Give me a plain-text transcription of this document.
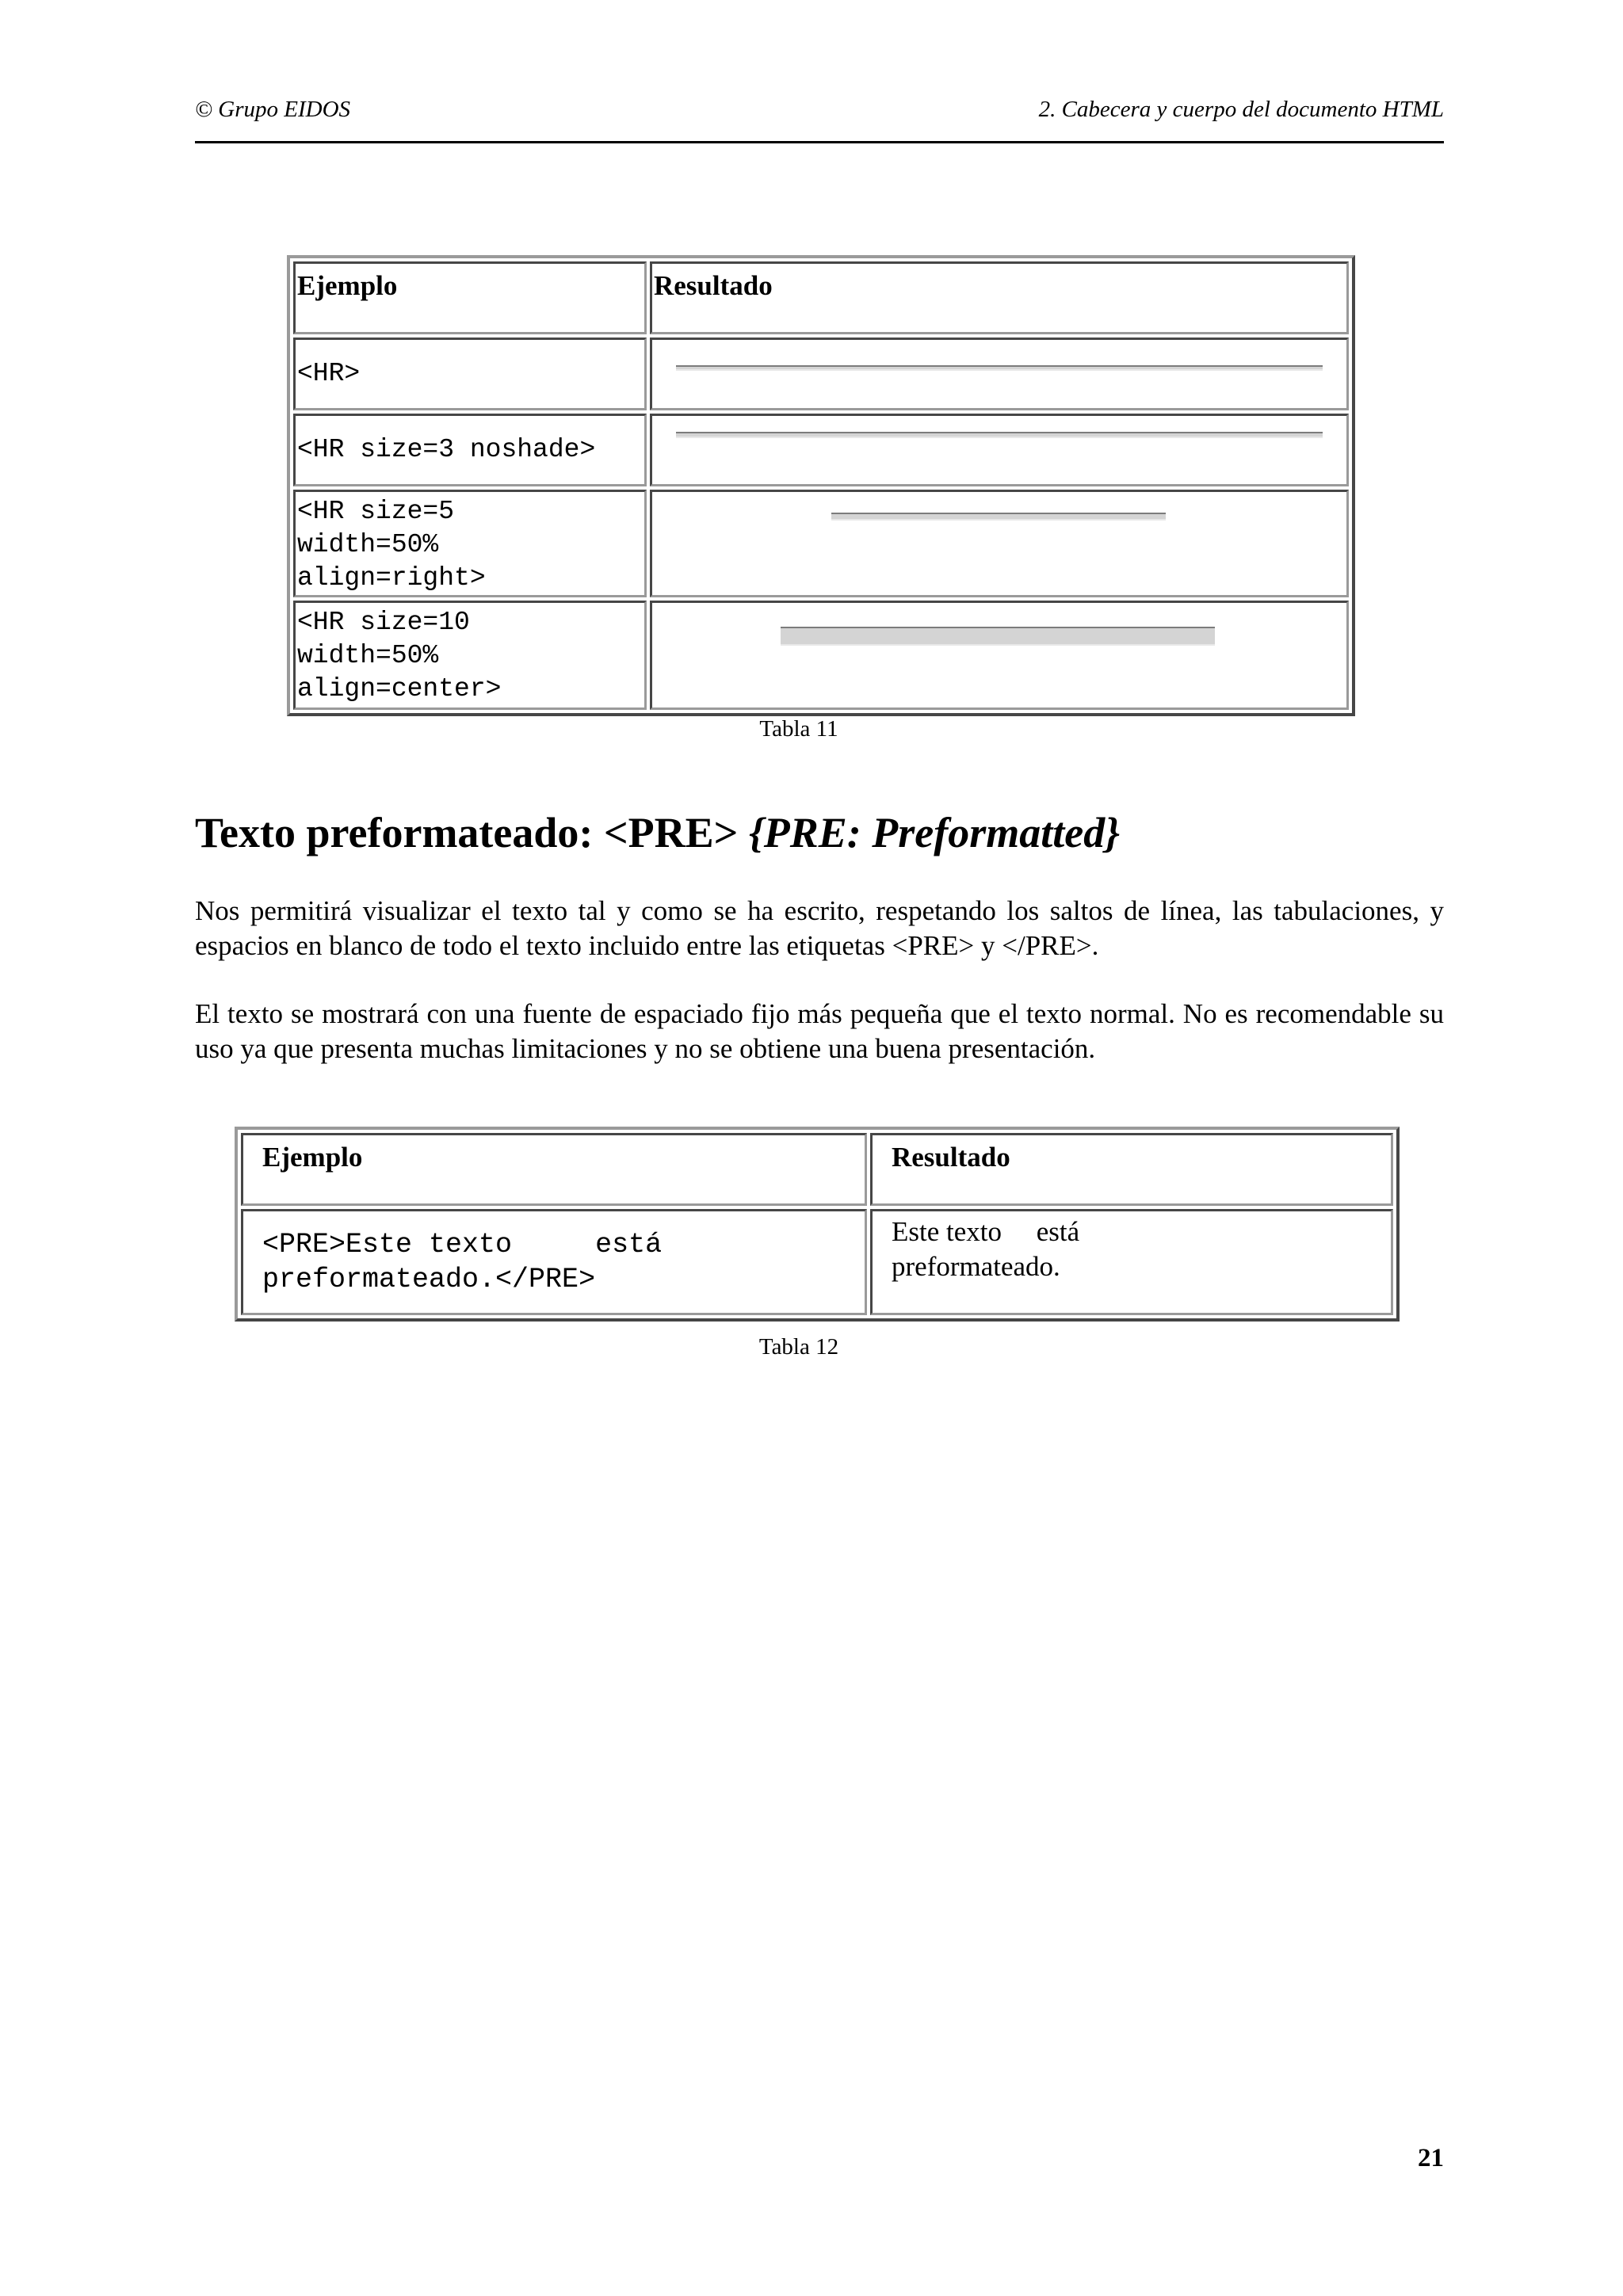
© Grupo EIDOS	2. Cabecera y cuerpo del documento HTML
Ejemplo	Resultado
<HR>	

<HR size=3 noshade>	

<HR size=5
width=50%
align=right>	

<HR size=10
width=50%
align=center>	
Tabla 11
Texto preformateado: <PRE> {PRE: Preformatted}

Nos permitirá visualizar el texto tal y como se ha escrito, respetando los saltos de línea, las tabulaciones, y espacios en blanco de todo el texto incluido entre las etiquetas <PRE> y </PRE>.

El texto se mostrará con una fuente de espaciado fijo más pequeña que el texto normal. No es recomendable su uso ya que presenta muchas limitaciones y no se obtiene una buena presentación.

Ejemplo	Resultado
<PRE>Este texto     está
preformateado.</PRE>	Este texto     está
preformateado.
Tabla 12
21
